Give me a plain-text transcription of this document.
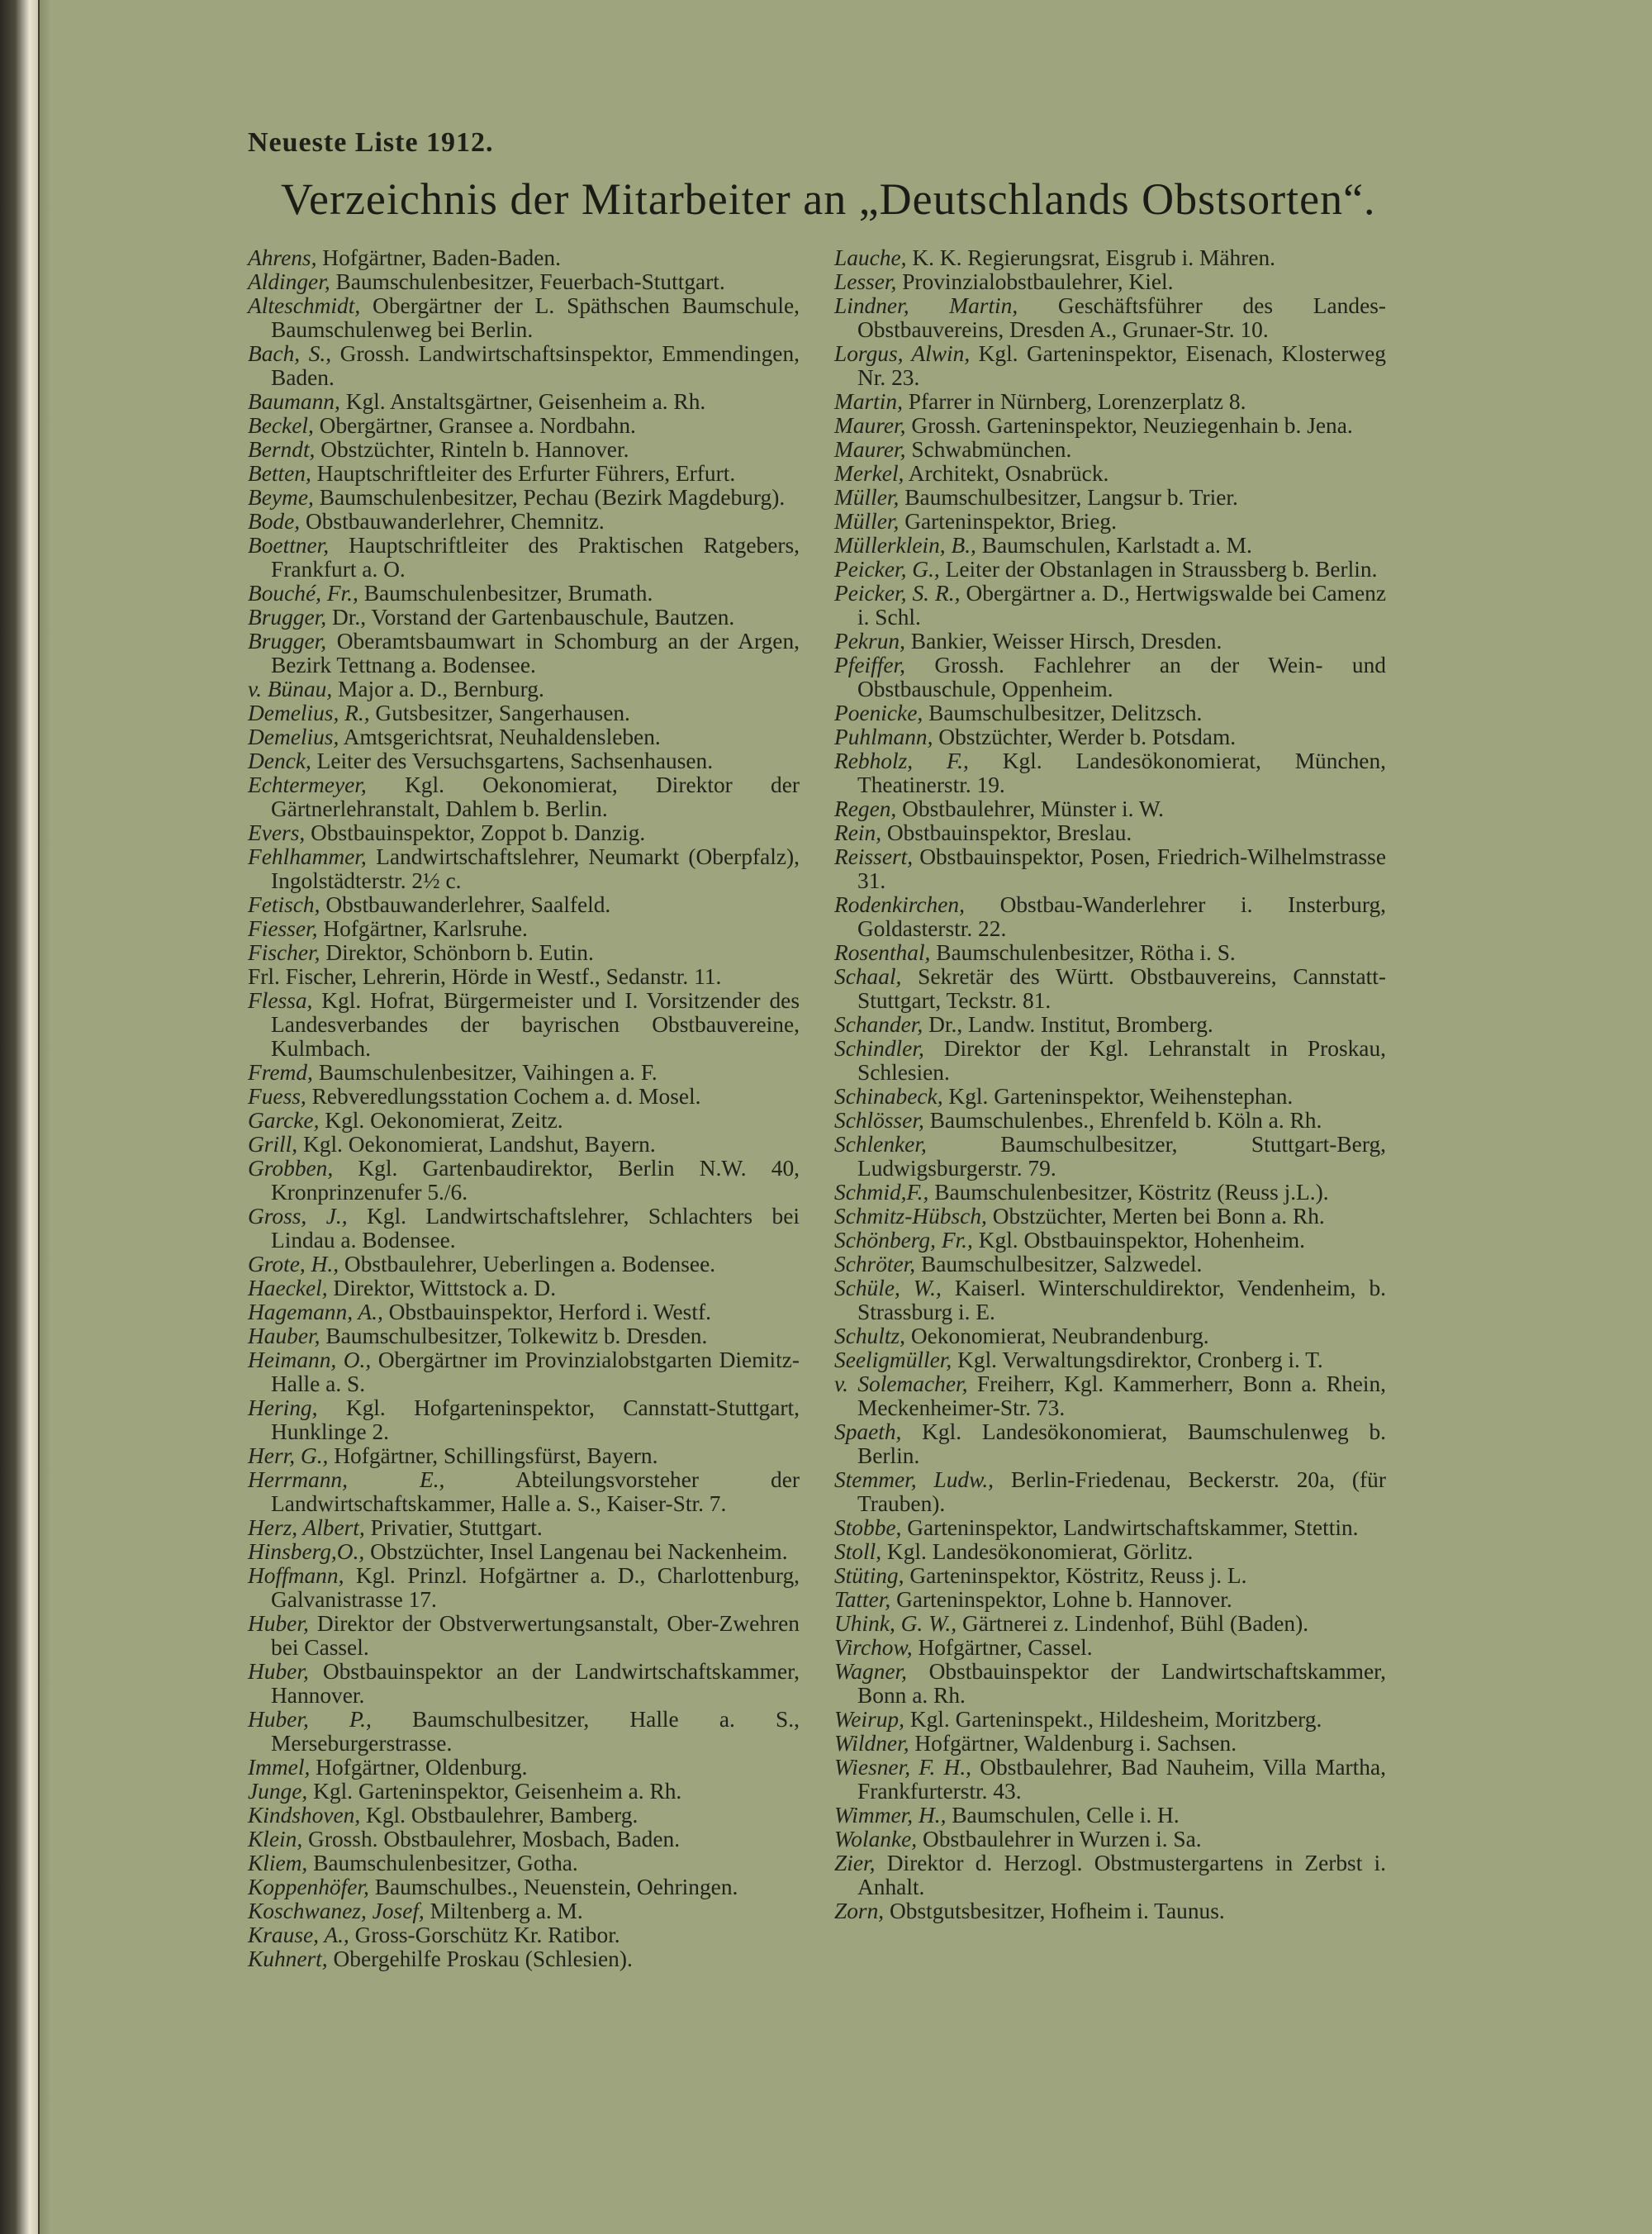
Neueste Liste 1912.
Verzeichnis der Mitarbeiter an „Deutschlands Obstsorten“.

Ahrens, Hofgärtner, Baden-Baden.

Aldinger, Baumschulenbesitzer, Feuerbach-Stuttgart.

Alteschmidt, Obergärtner der L. Späthschen Baumschule, Baumschulenweg bei Berlin.

Bach, S., Grossh. Landwirtschaftsinspektor, Emmendingen, Baden.

Baumann, Kgl. Anstaltsgärtner, Geisenheim a. Rh.

Beckel, Obergärtner, Gransee a. Nordbahn.

Berndt, Obstzüchter, Rinteln b. Hannover.

Betten, Hauptschriftleiter des Erfurter Führers, Erfurt.

Beyme, Baumschulenbesitzer, Pechau (Bezirk Magdeburg).

Bode, Obstbauwanderlehrer, Chemnitz.

Boettner, Hauptschriftleiter des Praktischen Ratgebers, Frankfurt a. O.

Bouché, Fr., Baumschulenbesitzer, Brumath.

Brugger, Dr., Vorstand der Gartenbauschule, Bautzen.

Brugger, Oberamtsbaumwart in Schomburg an der Argen, Bezirk Tettnang a. Bodensee.

v. Bünau, Major a. D., Bernburg.

Demelius, R., Gutsbesitzer, Sangerhausen.

Demelius, Amtsgerichtsrat, Neuhaldensleben.

Denck, Leiter des Versuchsgartens, Sachsenhausen.

Echtermeyer, Kgl. Oekonomierat, Direktor der Gärtnerlehranstalt, Dahlem b. Berlin.

Evers, Obstbauinspektor, Zoppot b. Danzig.

Fehlhammer, Landwirtschaftslehrer, Neumarkt (Oberpfalz), Ingolstädterstr. 2½ c.

Fetisch, Obstbauwanderlehrer, Saalfeld.

Fiesser, Hofgärtner, Karlsruhe.

Fischer, Direktor, Schönborn b. Eutin.

Frl. Fischer, Lehrerin, Hörde in Westf., Sedanstr. 11.

Flessa, Kgl. Hofrat, Bürgermeister und I. Vorsitzender des Landesverbandes der bayrischen Obstbauvereine, Kulmbach.

Fremd, Baumschulenbesitzer, Vaihingen a. F.

Fuess, Rebveredlungsstation Cochem a. d. Mosel.

Garcke, Kgl. Oekonomierat, Zeitz.

Grill, Kgl. Oekonomierat, Landshut, Bayern.

Grobben, Kgl. Gartenbaudirektor, Berlin N.W. 40, Kronprinzenufer 5./6.

Gross, J., Kgl. Landwirtschaftslehrer, Schlachters bei Lindau a. Bodensee.

Grote, H., Obstbaulehrer, Ueberlingen a. Bodensee.

Haeckel, Direktor, Wittstock a. D.

Hagemann, A., Obstbauinspektor, Herford i. Westf.

Hauber, Baumschulbesitzer, Tolkewitz b. Dresden.

Heimann, O., Obergärtner im Provinzialobstgarten Diemitz-Halle a. S.

Hering, Kgl. Hofgarteninspektor, Cannstatt-Stuttgart, Hunklinge 2.

Herr, G., Hofgärtner, Schillingsfürst, Bayern.

Herrmann, E., Abteilungsvorsteher der Landwirtschaftskammer, Halle a. S., Kaiser-Str. 7.

Herz, Albert, Privatier, Stuttgart.

Hinsberg,O., Obstzüchter, Insel Langenau bei Nackenheim.

Hoffmann, Kgl. Prinzl. Hofgärtner a. D., Charlottenburg, Galvanistrasse 17.

Huber, Direktor der Obstverwertungsanstalt, Ober-Zwehren bei Cassel.

Huber, Obstbauinspektor an der Landwirtschaftskammer, Hannover.

Huber, P., Baumschulbesitzer, Halle a. S., Merseburgerstrasse.

Immel, Hofgärtner, Oldenburg.

Junge, Kgl. Garteninspektor, Geisenheim a. Rh.

Kindshoven, Kgl. Obstbaulehrer, Bamberg.

Klein, Grossh. Obstbaulehrer, Mosbach, Baden.

Kliem, Baumschulenbesitzer, Gotha.

Koppenhöfer, Baumschulbes., Neuenstein, Oehringen.

Koschwanez, Josef, Miltenberg a. M.

Krause, A., Gross-Gorschütz Kr. Ratibor.

Kuhnert, Obergehilfe Proskau (Schlesien).

Lauche, K. K. Regierungsrat, Eisgrub i. Mähren.

Lesser, Provinzialobstbaulehrer, Kiel.

Lindner, Martin, Geschäftsführer des Landes-Obstbauvereins, Dresden A., Grunaer-Str. 10.

Lorgus, Alwin, Kgl. Garteninspektor, Eisenach, Klosterweg Nr. 23.

Martin, Pfarrer in Nürnberg, Lorenzerplatz 8.

Maurer, Grossh. Garteninspektor, Neuziegenhain b. Jena.

Maurer, Schwabmünchen.

Merkel, Architekt, Osnabrück.

Müller, Baumschulbesitzer, Langsur b. Trier.

Müller, Garteninspektor, Brieg.

Müllerklein, B., Baumschulen, Karlstadt a. M.

Peicker, G., Leiter der Obstanlagen in Straussberg b. Berlin.

Peicker, S. R., Obergärtner a. D., Hertwigswalde bei Camenz i. Schl.

Pekrun, Bankier, Weisser Hirsch, Dresden.

Pfeiffer, Grossh. Fachlehrer an der Wein- und Obstbauschule, Oppenheim.

Poenicke, Baumschulbesitzer, Delitzsch.

Puhlmann, Obstzüchter, Werder b. Potsdam.

Rebholz, F., Kgl. Landesökonomierat, München, Theatinerstr. 19.

Regen, Obstbaulehrer, Münster i. W.

Rein, Obstbauinspektor, Breslau.

Reissert, Obstbauinspektor, Posen, Friedrich-Wilhelmstrasse 31.

Rodenkirchen, Obstbau-Wanderlehrer i. Insterburg, Goldasterstr. 22.

Rosenthal, Baumschulenbesitzer, Rötha i. S.

Schaal, Sekretär des Württ. Obstbauvereins, Cannstatt-Stuttgart, Teckstr. 81.

Schander, Dr., Landw. Institut, Bromberg.

Schindler, Direktor der Kgl. Lehranstalt in Proskau, Schlesien.

Schinabeck, Kgl. Garteninspektor, Weihenstephan.

Schlösser, Baumschulenbes., Ehrenfeld b. Köln a. Rh.

Schlenker, Baumschulbesitzer, Stuttgart-Berg, Ludwigsburgerstr. 79.

Schmid,F., Baumschulenbesitzer, Köstritz (Reuss j.L.).

Schmitz-Hübsch, Obstzüchter, Merten bei Bonn a. Rh.

Schönberg, Fr., Kgl. Obstbauinspektor, Hohenheim.

Schröter, Baumschulbesitzer, Salzwedel.

Schüle, W., Kaiserl. Winterschuldirektor, Vendenheim, b. Strassburg i. E.

Schultz, Oekonomierat, Neubrandenburg.

Seeligmüller, Kgl. Verwaltungsdirektor, Cronberg i. T.

v. Solemacher, Freiherr, Kgl. Kammerherr, Bonn a. Rhein, Meckenheimer-Str. 73.

Spaeth, Kgl. Landesökonomierat, Baumschulenweg b. Berlin.

Stemmer, Ludw., Berlin-Friedenau, Beckerstr. 20a, (für Trauben).

Stobbe, Garteninspektor, Landwirtschaftskammer, Stettin.

Stoll, Kgl. Landesökonomierat, Görlitz.

Stüting, Garteninspektor, Köstritz, Reuss j. L.

Tatter, Garteninspektor, Lohne b. Hannover.

Uhink, G. W., Gärtnerei z. Lindenhof, Bühl (Baden).

Virchow, Hofgärtner, Cassel.

Wagner, Obstbauinspektor der Landwirtschaftskammer, Bonn a. Rh.

Weirup, Kgl. Garteninspekt., Hildesheim, Moritzberg.

Wildner, Hofgärtner, Waldenburg i. Sachsen.

Wiesner, F. H., Obstbaulehrer, Bad Nauheim, Villa Martha, Frankfurterstr. 43.

Wimmer, H., Baumschulen, Celle i. H.

Wolanke, Obstbaulehrer in Wurzen i. Sa.

Zier, Direktor d. Herzogl. Obstmustergartens in Zerbst i. Anhalt.

Zorn, Obstgutsbesitzer, Hofheim i. Taunus.
